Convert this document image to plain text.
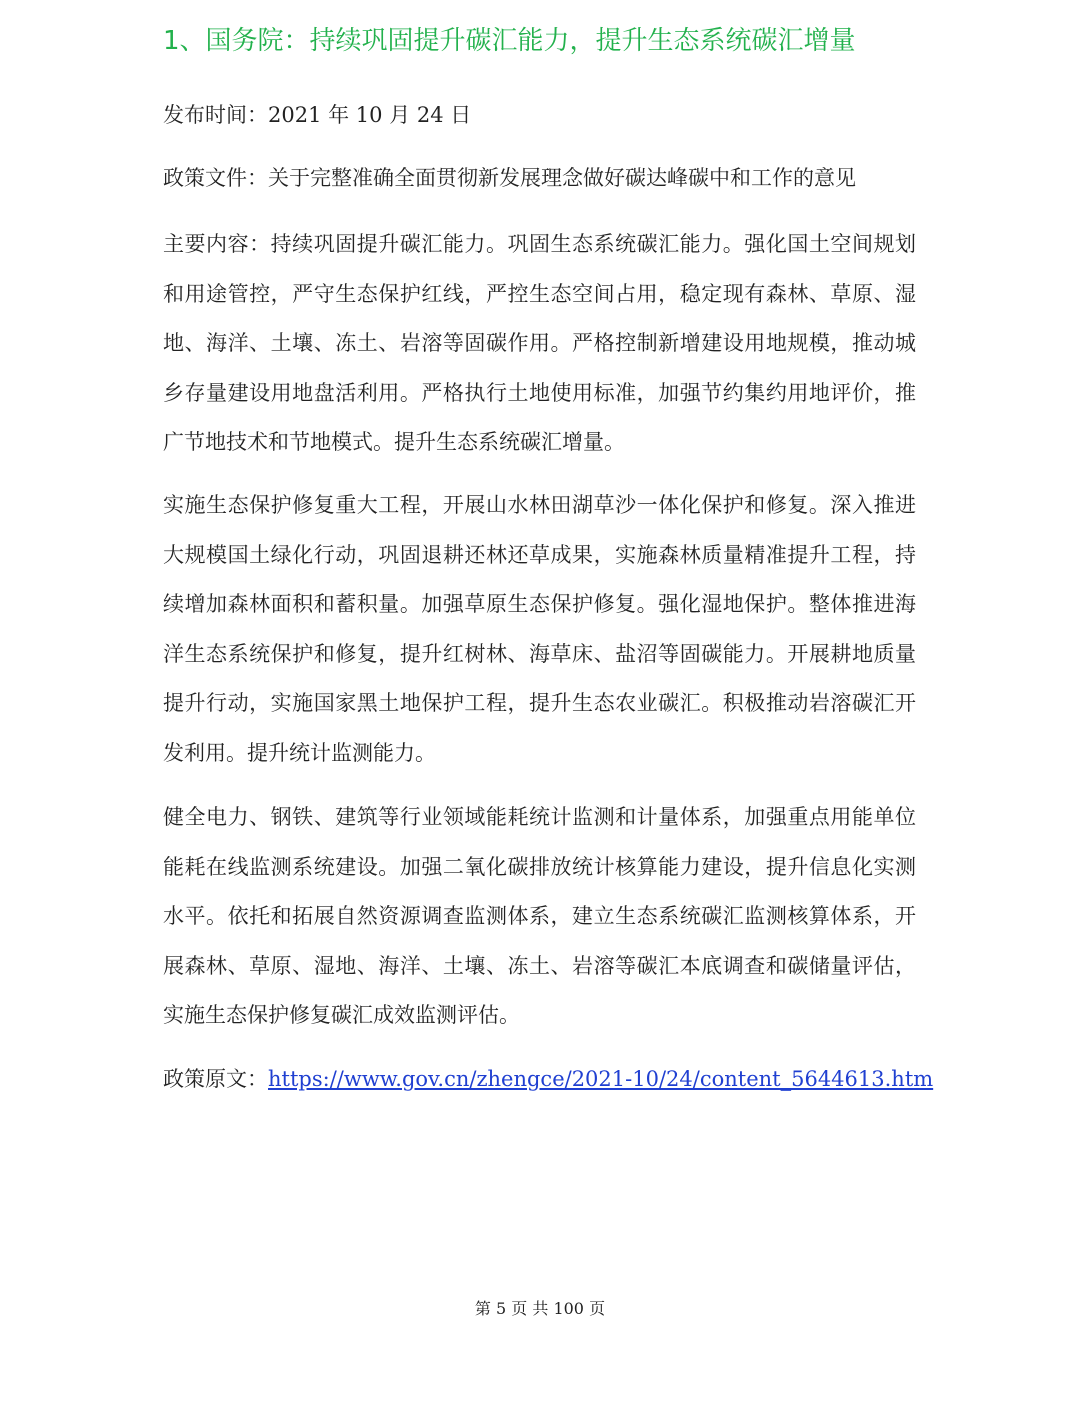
1、国务院：持续巩固提升碳汇能力，提升生态系统碳汇增量
发布时间：2021 年 10 月 24 日
政策文件：关于完整准确全面贯彻新发展理念做好碳达峰碳中和工作的意见
主要内容：持续巩固提升碳汇能力。巩固生态系统碳汇能力。强化国土空间规划和用途管控，严守生态保护红线，严控生态空间占用，稳定现有森林、草原、湿地、海洋、土壤、冻土、岩溶等固碳作用。严格控制新增建设用地规模，推动城乡存量建设用地盘活利用。严格执行土地使用标准，加强节约集约用地评价，推广节地技术和节地模式。提升生态系统碳汇增量。
实施生态保护修复重大工程，开展山水林田湖草沙一体化保护和修复。深入推进大规模国土绿化行动，巩固退耕还林还草成果，实施森林质量精准提升工程，持续增加森林面积和蓄积量。加强草原生态保护修复。强化湿地保护。整体推进海洋生态系统保护和修复，提升红树林、海草床、盐沼等固碳能力。开展耕地质量提升行动，实施国家黑土地保护工程，提升生态农业碳汇。积极推动岩溶碳汇开发利用。提升统计监测能力。
健全电力、钢铁、建筑等行业领域能耗统计监测和计量体系，加强重点用能单位能耗在线监测系统建设。加强二氧化碳排放统计核算能力建设，提升信息化实测水平。依托和拓展自然资源调查监测体系，建立生态系统碳汇监测核算体系，开展森林、草原、湿地、海洋、土壤、冻土、岩溶等碳汇本底调查和碳储量评估，实施生态保护修复碳汇成效监测评估。
政策原文：https://www.gov.cn/zhengce/2021-10/24/content_5644613.htm
第 5 页 共 100 页
